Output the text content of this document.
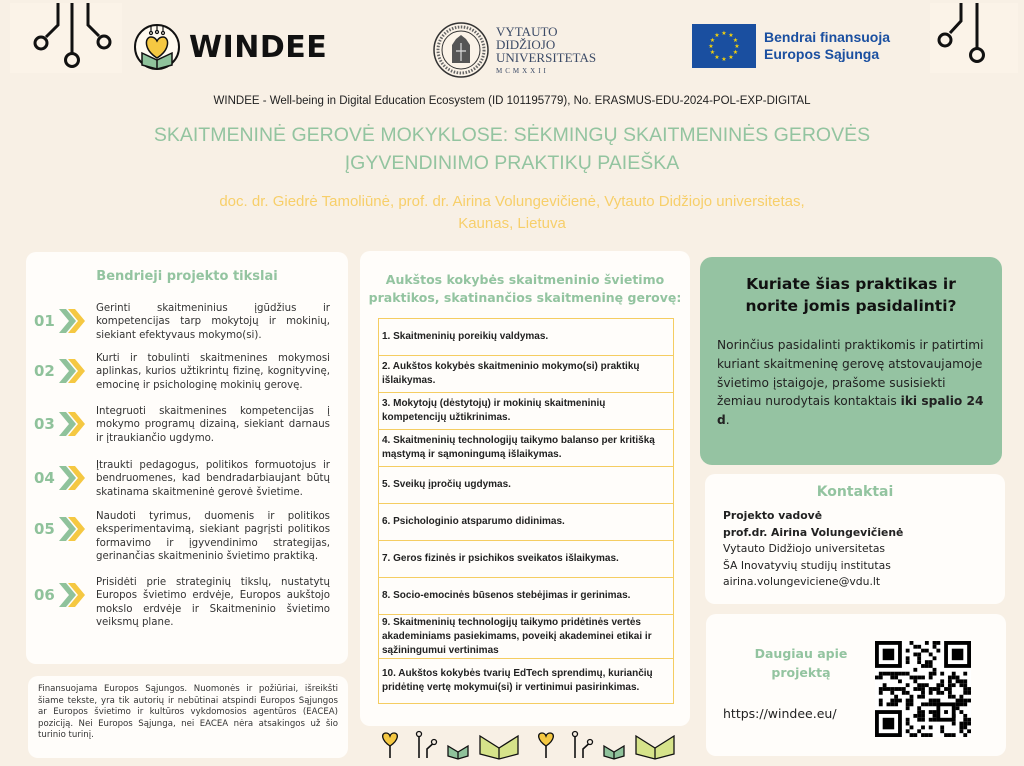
WINDEE	VYTAUTO
DIDŽIOJO
UNIVERSITETAS
MCMXXII
★ ★
★
★
★
★
★
★
★
★
★
★	Bendrai finansuoja
Europos Sąjunga
WINDEE - Well-being in Digital Education Ecosystem (ID 101195779), No. ERASMUS-EDU-2024-POL-EXP-DIGITAL
SKAITMENINĖ GEROVĖ MOKYKLOSE: SĖKMINGŲ SKAITMENINĖS GEROVĖS
ĮGYVENDINIMO PRAKTIKŲ PAIEŠKA
doc. dr. Giedrė Tamoliūnė, prof. dr. Airina Volungevičienė, Vytauto Didžiojo universitetas,
Kaunas, Lietuva
Bendrieji projekto tikslai
01
Gerinti skaitmeninius įgūdžius ir kompetencijas tarp mokytojų ir mokinių, siekiant efektyvaus mokymo(si).
02
Kurti ir tobulinti skaitmenines mokymosi aplinkas, kurios užtikrintų fizinę, kognityvinę, emocinę ir psichologinę mokinių gerovę.
03
Integruoti skaitmenines kompetencijas į mokymo programų dizainą, siekiant darnaus ir įtraukiančio ugdymo.
04
Įtraukti pedagogus, politikos formuotojus ir bendruomenes, kad bendradarbiaujant būtų skatinama skaitmeninė gerovė švietime.
05
Naudoti tyrimus, duomenis ir politikos eksperimentavimą, siekiant pagrįsti politikos formavimo ir įgyvendinimo strategijas, gerinančias skaitmeninio švietimo praktiką.
06
Prisidėti prie strateginių tikslų, nustatytų Europos švietimo erdvėje, Europos aukštojo mokslo erdvėje ir Skaitmeninio švietimo veiksmų plane.
Finansuojama Europos Sąjungos. Nuomonės ir požiūriai, išreikšti šiame tekste, yra tik autorių ir nebūtinai atspindi Europos Sąjungos ar Europos švietimo ir kultūros vykdomosios agentūros (EACEA) poziciją. Nei Europos Sąjunga, nei EACEA nėra atsakingos už šio turinio turinį.
Aukštos kokybės skaitmeninio švietimo
praktikos, skatinančios skaitmeninę gerovę:
1. Skaitmeninių poreikių valdymas.
2. Aukštos kokybės skaitmeninio mokymo(si) praktikų išlaikymas.
3. Mokytojų (dėstytojų) ir mokinių skaitmeninių kompetencijų užtikrinimas.
4. Skaitmeninių technologijų taikymo balanso per kritišką mąstymą ir sąmoningumą išlaikymas.
5. Sveikų įpročių ugdymas.
6. Psichologinio atsparumo didinimas.
7. Geros fizinės ir psichikos sveikatos išlaikymas.
8. Socio-emocinės būsenos stebėjimas ir gerinimas.
9. Skaitmeninių technologijų taikymo pridėtinės vertės akademiniams pasiekimams, poveikį akademinei etikai ir sąžiningumui vertinimas
10. Aukštos kokybės tvarių EdTech sprendimų, kuriančių pridėtinę vertę mokymui(si) ir vertinimui pasirinkimas.
Kuriate šias praktikas ir
norite jomis pasidalinti?
Norinčius pasidalinti praktikomis ir patirtimi kuriant skaitmeninę gerovę atstovaujamoje švietimo įstaigoje, prašome susisiekti žemiau nurodytais kontaktais iki spalio 24 d.
Kontaktai
Projekto vadovė
prof.dr. Airina Volungevičienė
Vytauto Didžiojo universitetas
ŠA Inovatyvių studijų institutas
airina.volungeviciene@vdu.lt
Daugiau apie
projektą
https://windee.eu/
